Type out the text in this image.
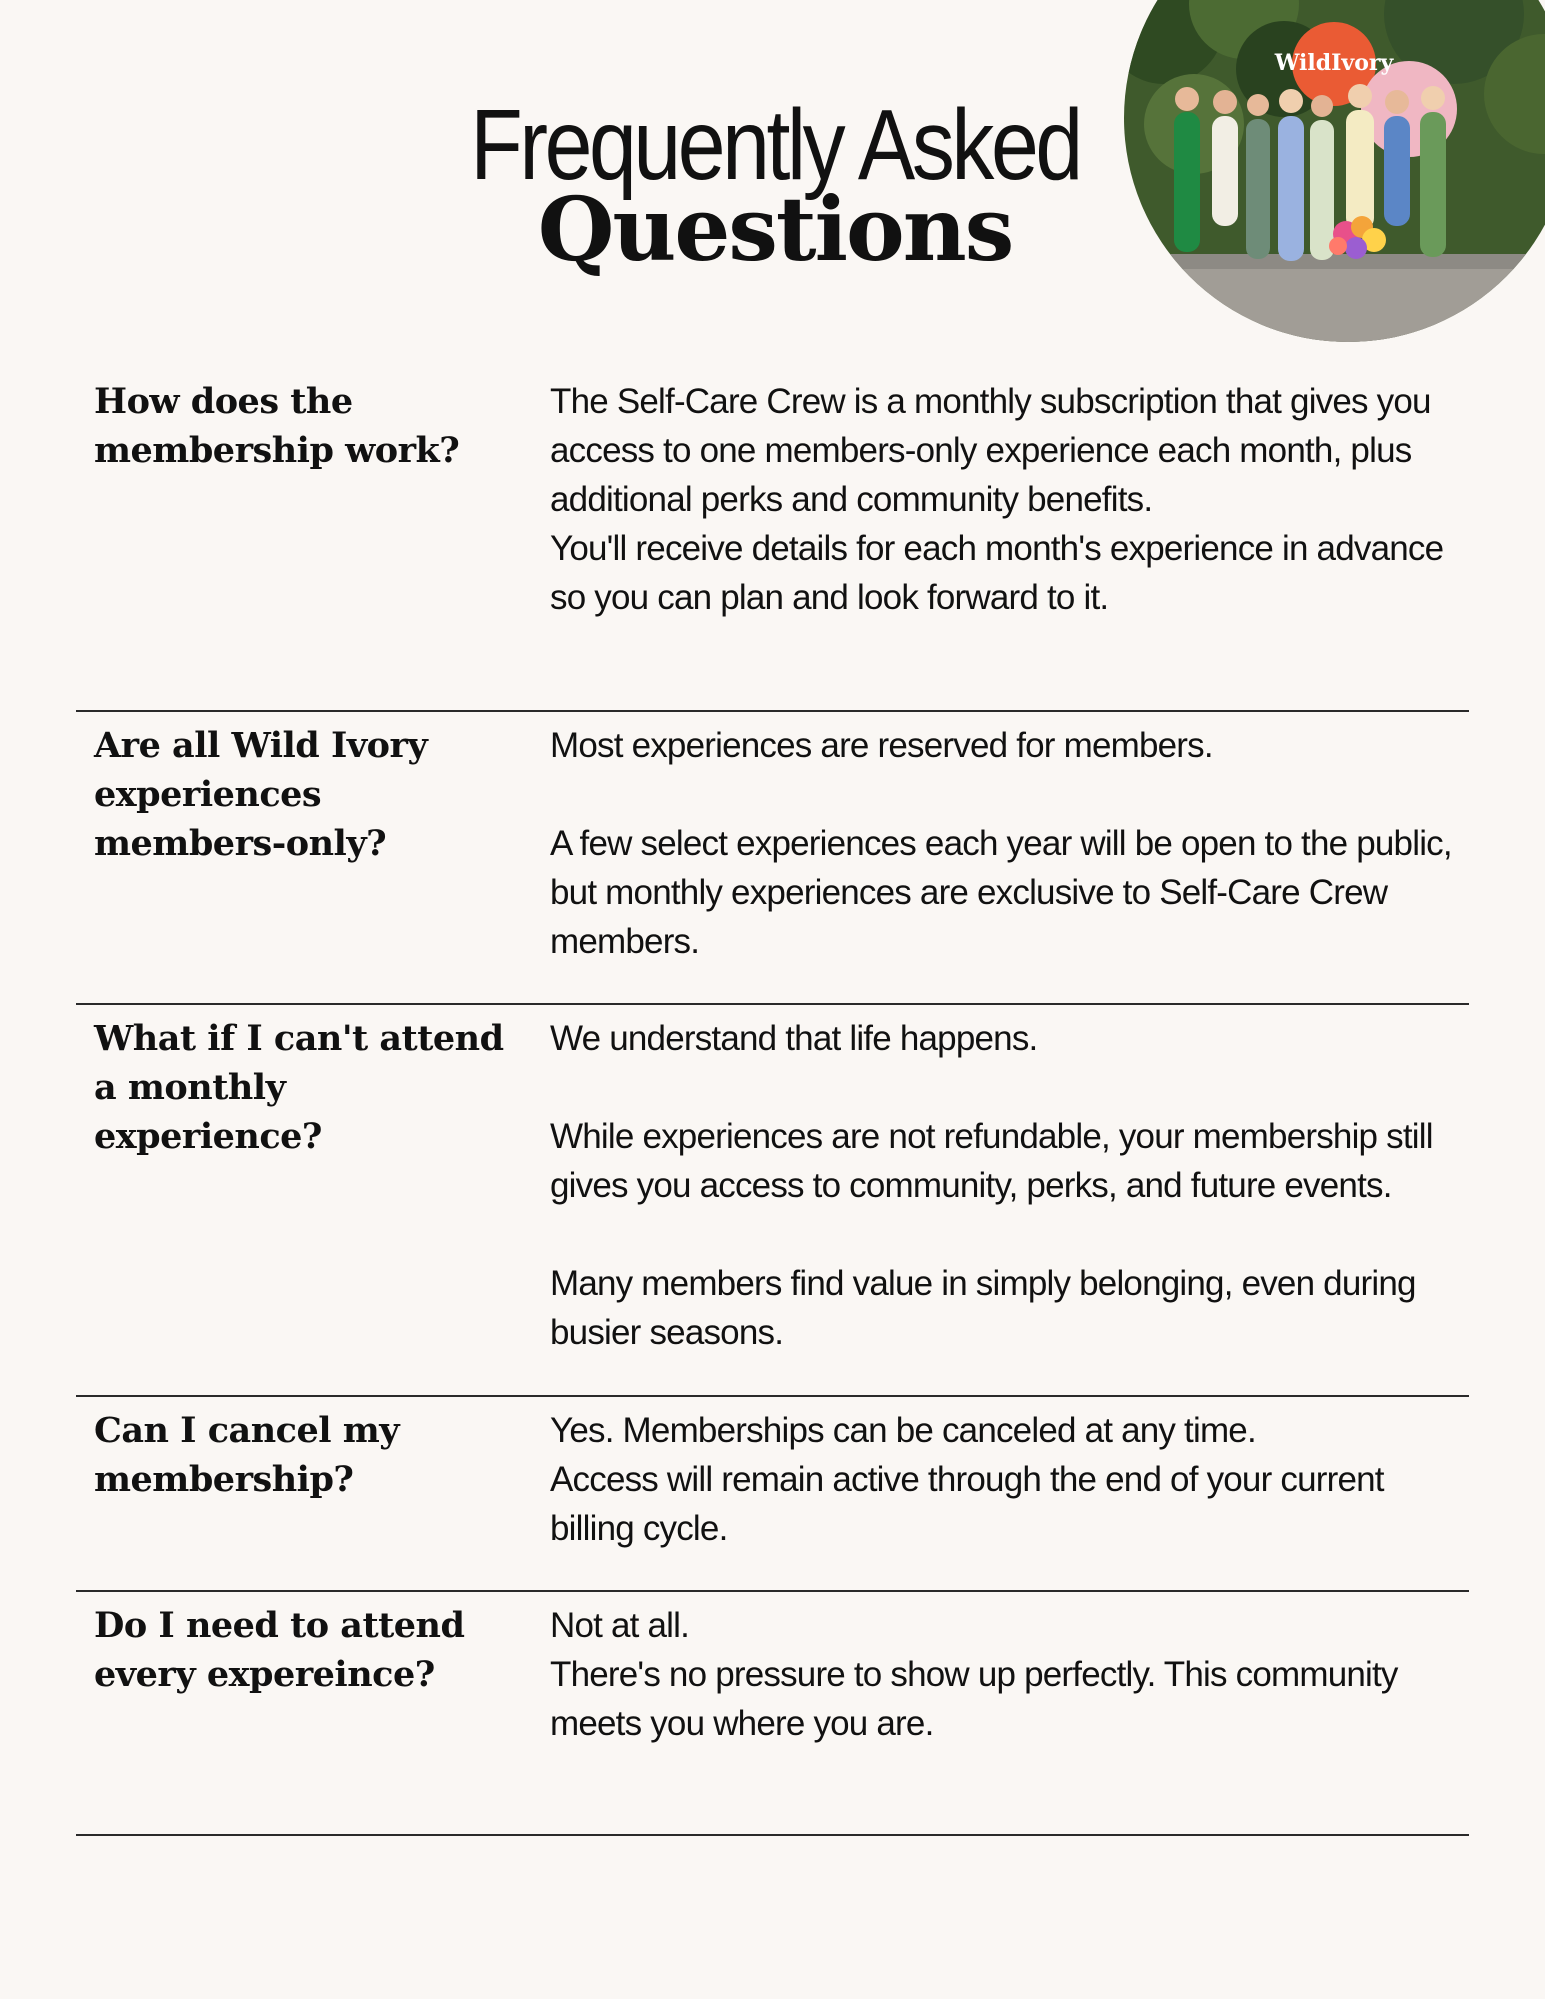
Frequently Asked
Questions
WildIvory
How does the membership work?

The Self-Care Crew is a monthly subscription that gives you access to one members-only experience each month, plus additional perks and community benefits.

You'll receive details for each month's experience in advance so you can plan and look forward to it.

Are all Wild Ivory experiences members-only?

Most experiences are reserved for members.

A few select experiences each year will be open to the public, but monthly experiences are exclusive to Self-Care Crew members.

What if I can't attend a monthly experience?

We understand that life happens.

While experiences are not refundable, your membership still gives you access to community, perks, and future events.

Many members find value in simply belonging, even during busier seasons.

Can I cancel my membership?

Yes. Memberships can be canceled at any time.

Access will remain active through the end of your current billing cycle.

Do I need to attend every expereince?

Not at all.

There's no pressure to show up perfectly. This community meets you where you are.
